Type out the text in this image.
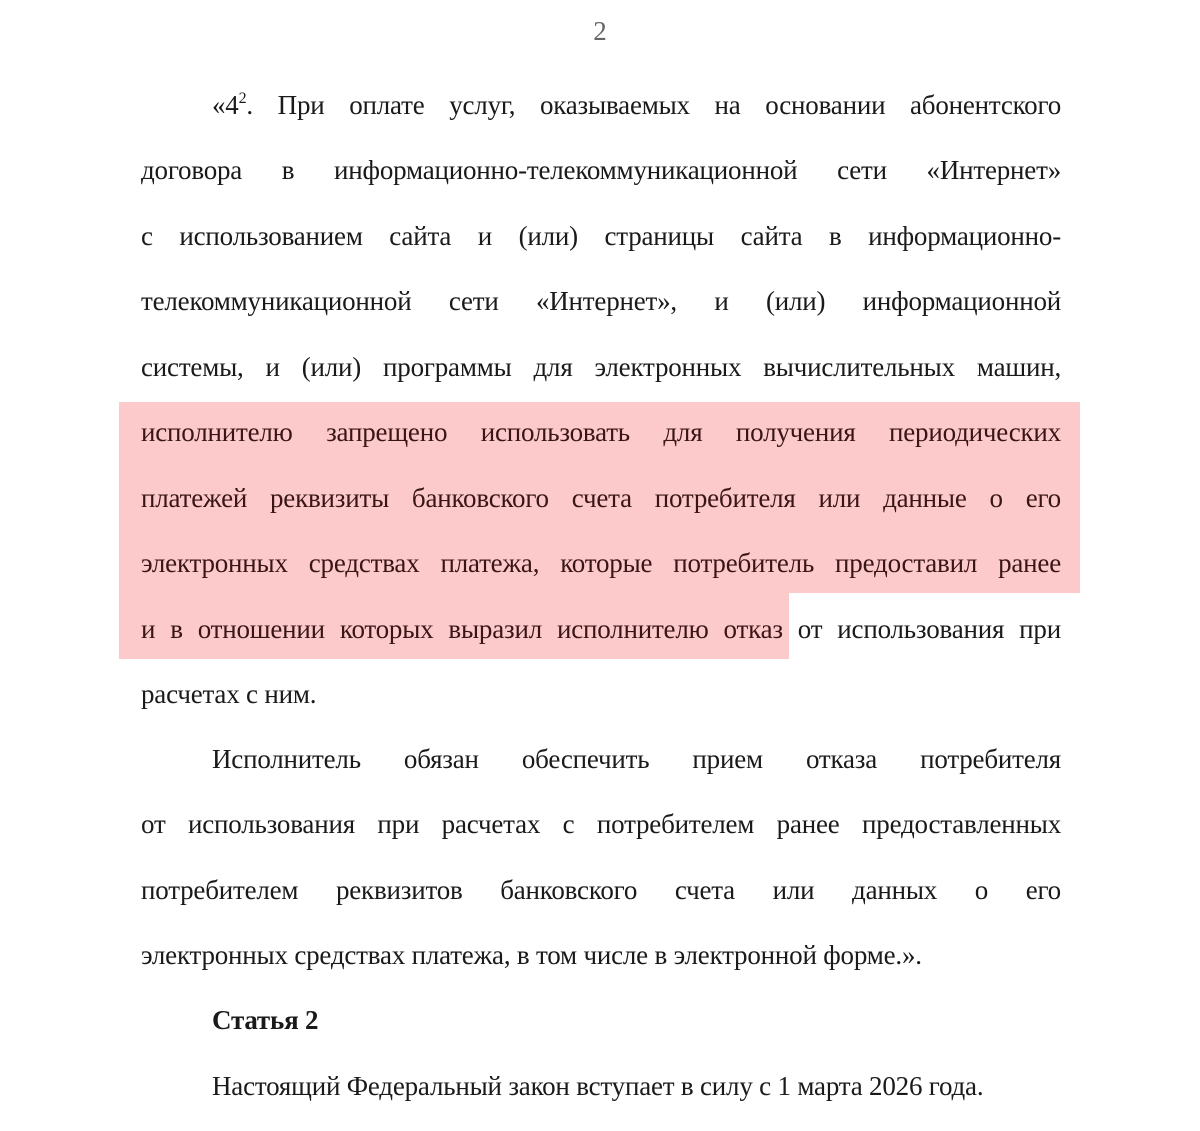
2
«$4^2$. При оплате услуг, оказываемых на основании абонентского
договора в информационно-телекоммуникационной сети «Интернет»
с использованием сайта и (или) страницы сайта в информационно-
телекоммуникационной сети «Интернет», и (или) информационной
системы, и (или) программы для электронных вычислительных машин,
исполнителю запрещено использовать для получения периодических
платежей реквизиты банковского счета потребителя или данные о его
электронных средствах платежа, которые потребитель предоставил ранее
и в отношении которых выразил исполнителю отказ от использования при
расчетах с ним.
Исполнитель обязан обеспечить прием отказа потребителя
от использования при расчетах с потребителем ранее предоставленных
потребителем реквизитов банковского счета или данных о его
электронных средствах платежа, в том числе в электронной форме.».
Статья 2
Настоящий Федеральный закон вступает в силу с 1 марта 2026 года.
